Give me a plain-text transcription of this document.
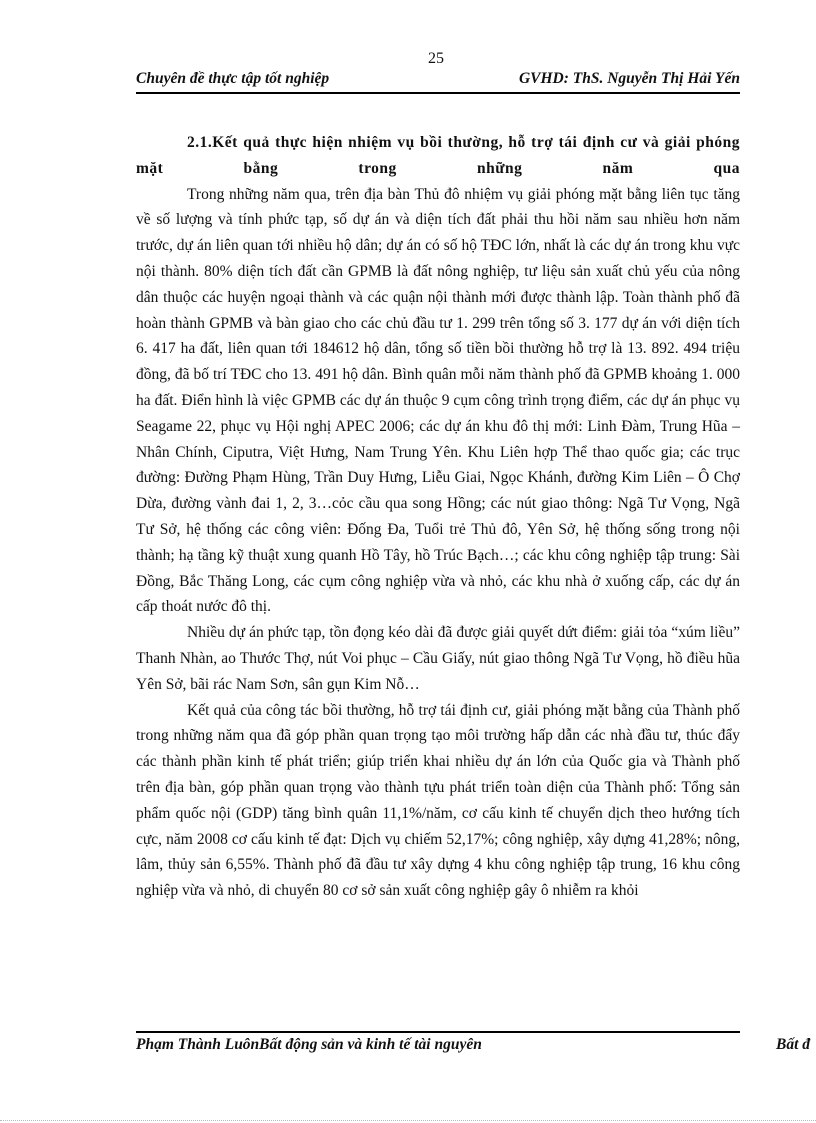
25
Chuyên đề thực tập tốt nghiệp	GVHD: ThS. Nguyễn Thị Hải Yến

2.1.Kết quả thực hiện nhiệm vụ bồi thường, hỗ trợ tái định cư và giải phóng mặt bằng trong những năm qua

Trong những năm qua, trên địa bàn Thủ đô nhiệm vụ giải phóng mặt bằng liên tục tăng về số lượng và tính phức tạp, số dự án và diện tích đất phải thu hồi năm sau nhiều hơn năm trước, dự án liên quan tới nhiều hộ dân; dự án có số hộ TĐC lớn, nhất là các dự án trong khu vực nội thành. 80% diện tích đất cần GPMB là đất nông nghiệp, tư liệu sản xuất chủ yếu của nông dân thuộc các huyện ngoại thành và các quận nội thành mới được thành lập. Toàn thành phố đã hoàn thành GPMB và bàn giao cho các chủ đầu tư 1. 299 trên tổng số 3. 177 dự án với diện tích 6. 417 ha đất, liên quan tới 184612 hộ dân, tổng số tiền bồi thường hỗ trợ là 13. 892. 494 triệu đồng, đã bố trí TĐC cho 13. 491 hộ dân. Bình quân mỗi năm thành phố đã GPMB khoảng 1. 000 ha đất. Điển hình là việc GPMB các dự án thuộc 9 cụm công trình trọng điểm, các dự án phục vụ Seagame 22, phục vụ Hội nghị APEC 2006; các dự án khu đô thị mới: Linh Đàm, Trung Hũa – Nhân Chính, Ciputra, Việt Hưng, Nam Trung Yên. Khu Liên hợp Thể thao quốc gia; các trục đường: Đường Phạm Hùng, Trần Duy Hưng, Liễu Giai, Ngọc Khánh, đường Kim Liên – Ô Chợ Dừa, đường vành đai 1, 2, 3…cỏc cầu qua song Hồng; các nút giao thông: Ngã Tư Vọng, Ngã Tư Sở, hệ thống các công viên: Đống Đa, Tuổi trẻ Thủ đô, Yên Sở, hệ thống sống trong nội thành; hạ tầng kỹ thuật xung quanh Hồ Tây, hồ Trúc Bạch…; các khu công nghiệp tập trung: Sài Đồng, Bắc Thăng Long, các cụm công nghiệp vừa và nhỏ, các khu nhà ở xuống cấp, các dự án cấp thoát nước đô thị.

Nhiều dự án phức tạp, tồn đọng kéo dài đã được giải quyết dứt điểm: giải tỏa “xúm liều” Thanh Nhàn, ao Thước Thợ, nút Voi phục – Cầu Giấy, nút giao thông Ngã Tư Vọng, hồ điều hũa Yên Sở, bãi rác Nam Sơn, sân gụn Kim Nỗ…

Kết quả của công tác bồi thường, hỗ trợ tái định cư, giải phóng mặt bằng của Thành phố trong những năm qua đã góp phần quan trọng tạo môi trường hấp dẫn các nhà đầu tư, thúc đẩy các thành phần kinh tế phát triển; giúp triển khai nhiều dự án lớn của Quốc gia và Thành phố trên địa bàn, góp phần quan trọng vào thành tựu phát triển toàn diện của Thành phố: Tổng sản phẩm quốc nội (GDP) tăng bình quân 11,1%/năm, cơ cấu kinh tế chuyển dịch theo hướng tích cực, năm 2008 cơ cấu kinh tế đạt: Dịch vụ chiếm 52,17%; công nghiệp, xây dựng 41,28%; nông, lâm, thủy sản 6,55%. Thành phố đã đầu tư xây dựng 4 khu công nghiệp tập trung, 16 khu công nghiệp vừa và nhỏ, di chuyển 80 cơ sở sản xuất công nghiệp gây ô nhiễm ra khỏi

Phạm Thành LuônBất động sản và kinh tế tài nguyên	Bất đ
